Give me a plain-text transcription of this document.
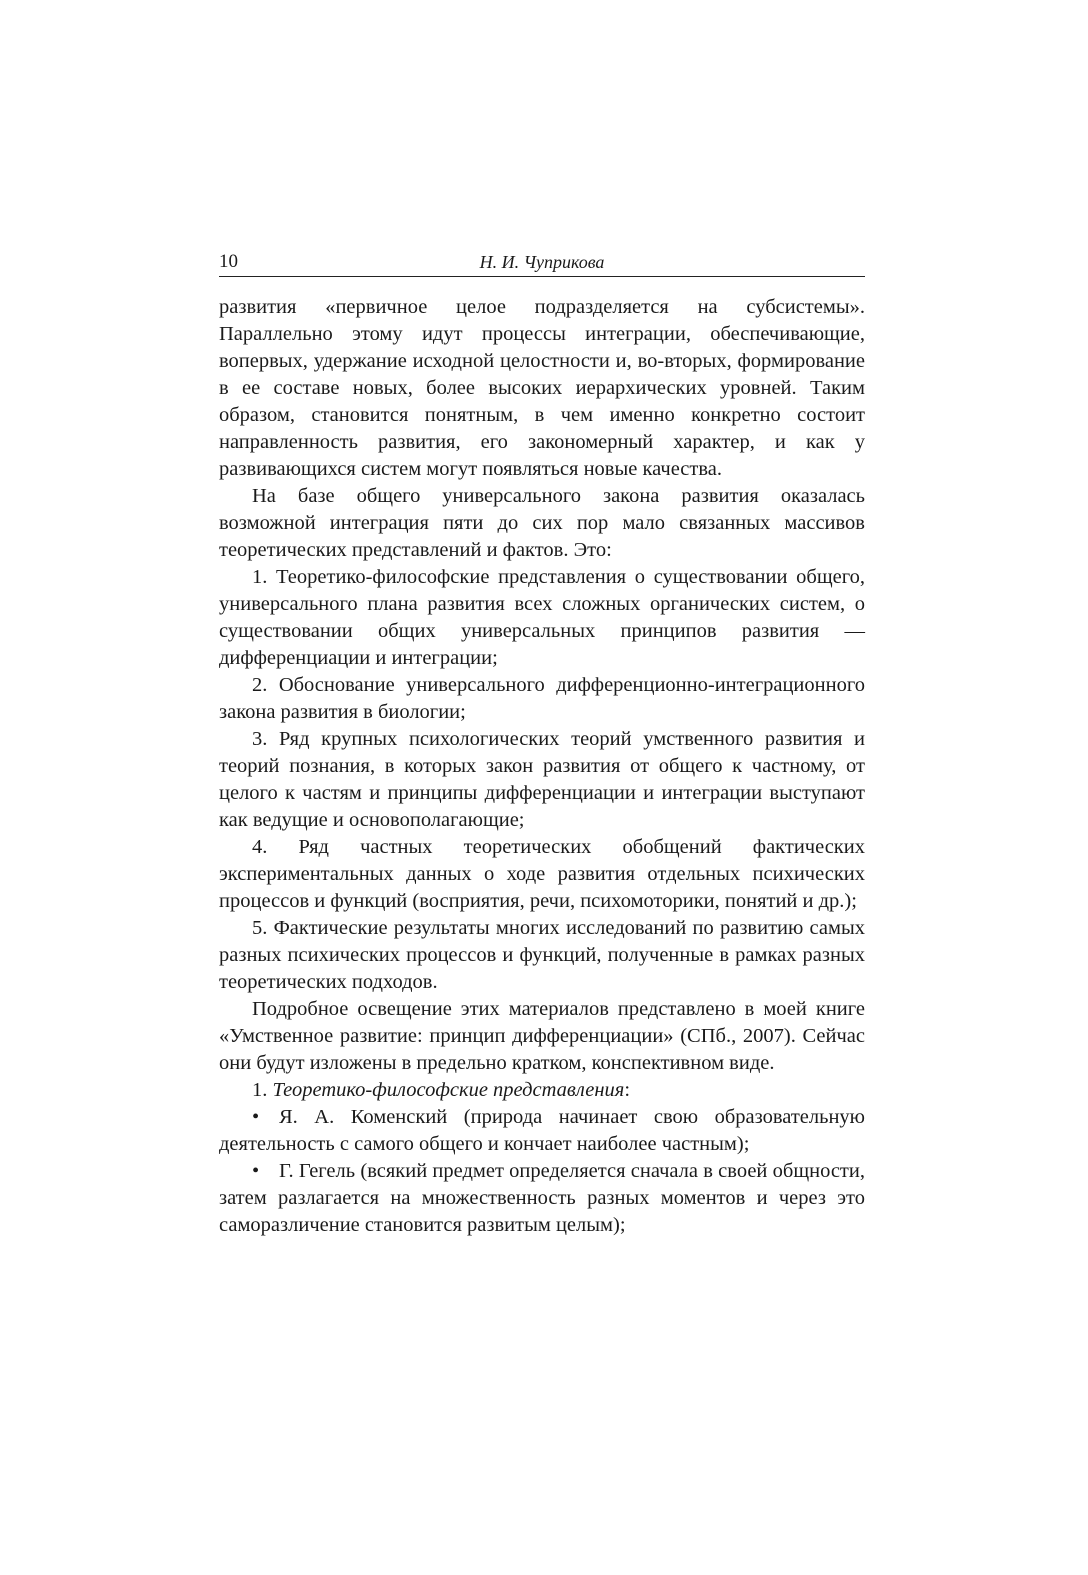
10	Н. И. Чуприкова

развития «первичное целое подразделяется на субсистемы». Параллельно этому идут процессы интеграции, обеспечивающие, вопервых, удержание исходной целостности и, во-вторых, формирование в ее составе новых, более высоких иерархических уровней. Таким образом, становится понятным, в чем именно конкретно состоит направленность развития, его закономерный характер, и как у развивающихся систем могут появляться новые качества.

На базе общего универсального закона развития оказалась возможной интеграция пяти до сих пор мало связанных массивов теоретических представлений и фактов. Это:

1. Теоретико-философские представления о существовании общего, универсального плана развития всех сложных органических систем, о существовании общих универсальных принципов развития — дифференциации и интеграции;

2. Обоснование универсального дифференционно-интеграционного закона развития в биологии;

3. Ряд крупных психологических теорий умственного развития и теорий познания, в которых закон развития от общего к частному, от целого к частям и принципы дифференциации и интеграции выступают как ведущие и основополагающие;

4. Ряд частных теоретических обобщений фактических экспериментальных данных о ходе развития отдельных психических процессов и функций (восприятия, речи, психомоторики, понятий и др.);

5. Фактические результаты многих исследований по развитию самых разных психических процессов и функций, полученные в рамках разных теоретических подходов.

Подробное освещение этих материалов представлено в моей книге «Умственное развитие: принцип дифференциации» (СПб., 2007). Сейчас они будут изложены в предельно кратком, конспективном виде.

1. Теоретико-философские представления:

• Я. А. Коменский (природа начинает свою образовательную деятельность с самого общего и кончает наиболее частным);

• Г. Гегель (всякий предмет определяется сначала в своей общности, затем разлагается на множественность разных моментов и через это саморазличение становится развитым целым);
